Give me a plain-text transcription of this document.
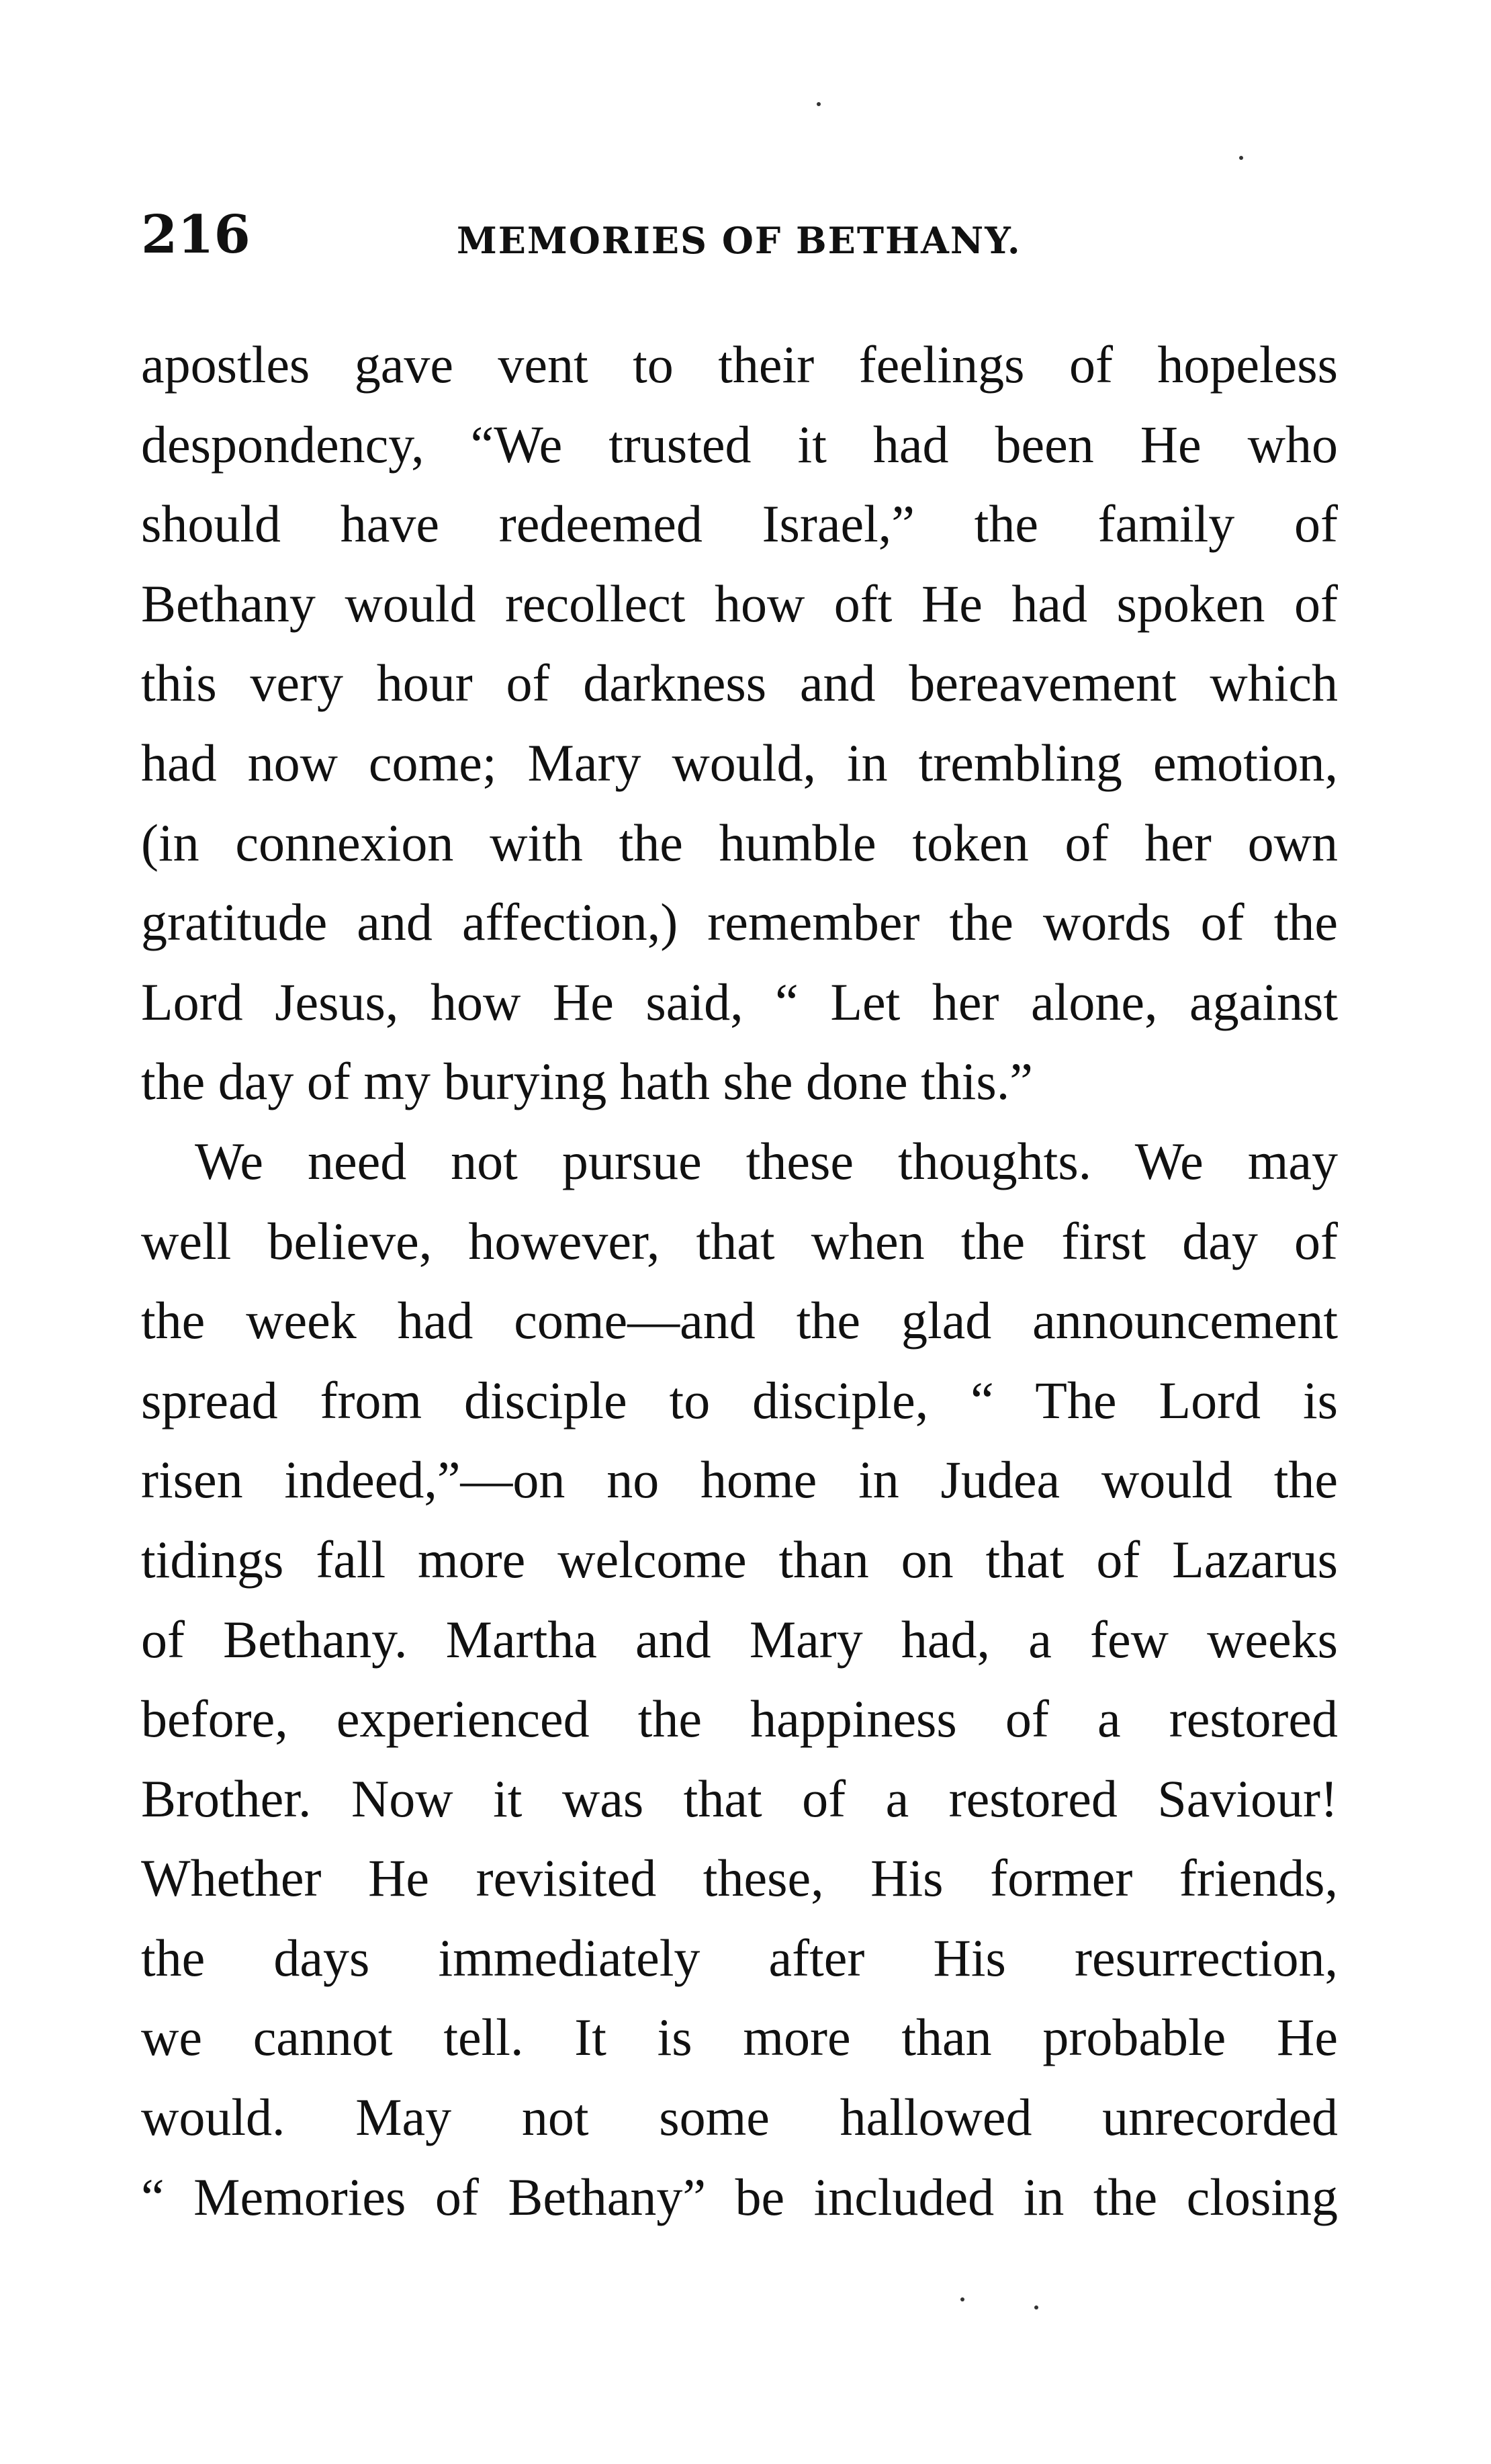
216	MEMORIES OF BETHANY.
apostles gave vent to their feelings of hopeless
despondency, “We trusted it had been He who
should have redeemed Israel,” the family of
Bethany would recollect how oft He had spoken of
this very hour of darkness and bereavement which
had now come; Mary would, in trembling emotion,
(in connexion with the humble token of her own
gratitude and affection,) remember the words of the
Lord Jesus, how He said, “ Let her alone, against
the day of my burying hath she done this.”
We need not pursue these thoughts. We may
well believe, however, that when the first day of
the week had come—and the glad announcement
spread from disciple to disciple, “ The Lord is
risen indeed,”—on no home in Judea would the
tidings fall more welcome than on that of Lazarus
of Bethany. Martha and Mary had, a few weeks
before, experienced the happiness of a restored
Brother. Now it was that of a restored Saviour!
Whether He revisited these, His former friends,
the days immediately after His resurrection,
we cannot tell. It is more than probable He
would. May not some hallowed unrecorded
“ Memories of Bethany” be included in the closing
